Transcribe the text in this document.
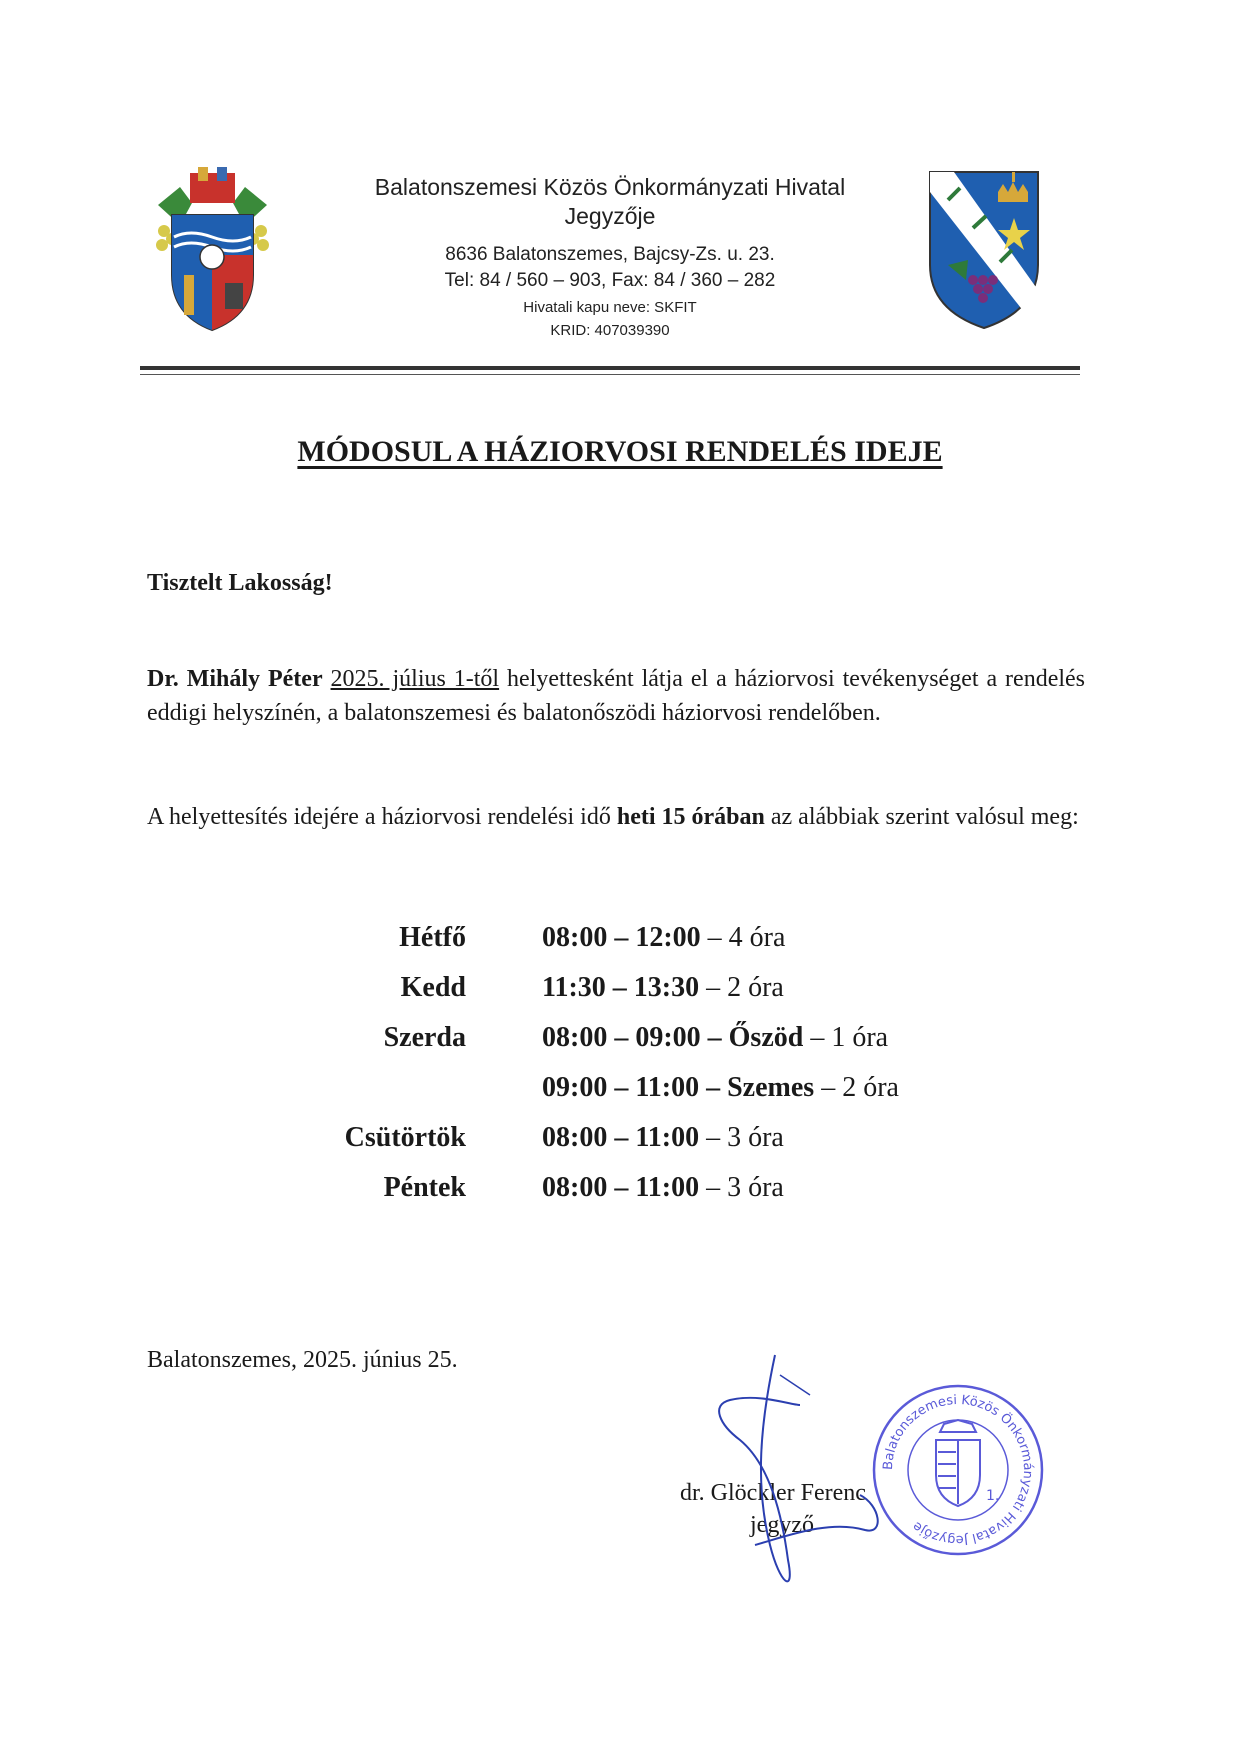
Balatonszemesi Közös Önkormányzati Hivatal
Jegyzője
8636 Balatonszemes, Bajcsy-Zs. u. 23.
Tel: 84 / 560 – 903, Fax: 84 / 360 – 282
Hivatali kapu neve: SKFIT
KRID: 407039390
MÓDOSUL A HÁZIORVOSI RENDELÉS IDEJE
Tisztelt Lakosság!
Dr. Mihály Péter 2025. július 1-től helyettesként látja el a háziorvosi tevékenységet a rendelés eddigi helyszínén, a balatonszemesi és balatonőszödi háziorvosi rendelőben.
A helyettesítés idejére a háziorvosi rendelési idő heti 15 órában az alábbiak szerint valósul meg:
Hétfő	08:00 – 12:00 – 4 óra
Kedd	11:30 – 13:30 – 2 óra
Szerda	08:00 – 09:00 – Őszöd – 1 óra
09:00 – 11:00 – Szemes – 2 óra
Csütörtök	08:00 – 11:00 – 3 óra
Péntek	08:00 – 11:00 – 3 óra
Balatonszemes, 2025. június 25.
Balatonszemesi Közös Önkormányzati Hivatal Jegyzője
1.
dr. Glöckler Ferenc
jegyző
